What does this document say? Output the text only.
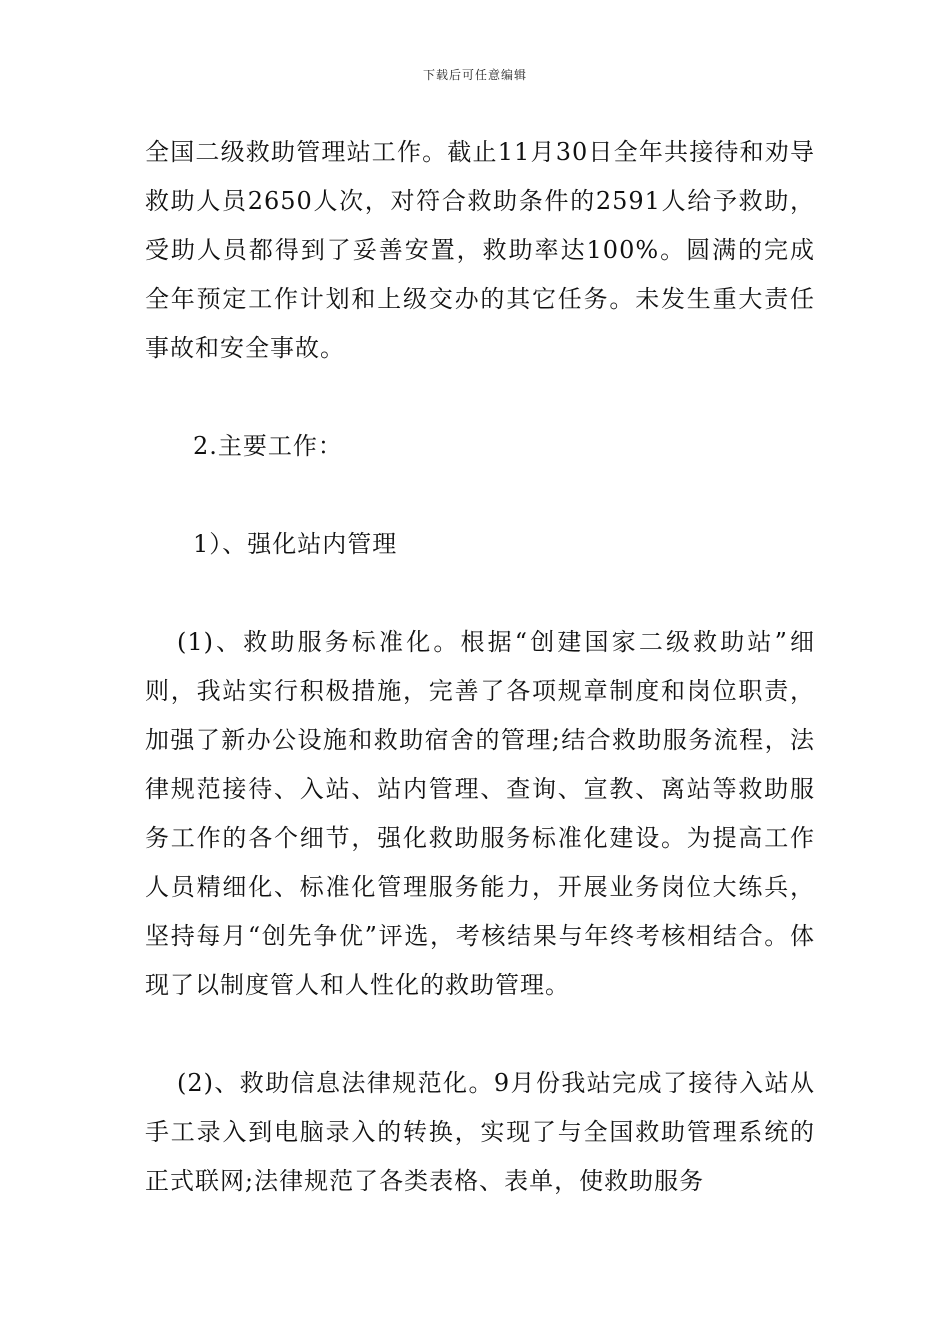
下载后可任意编辑

全国二级救助管理站工作。截止11月30日全年共接待和劝导救助人员2650人次，对符合救助条件的2591人给予救助，受助人员都得到了妥善安置，救助率达100%。圆满的完成全年预定工作计划和上级交办的其它任务。未发生重大责任事故和安全事故。

2.主要工作：

1）、强化站内管理

(1)、救助服务标准化。根据“创建国家二级救助站”细则，我站实行积极措施，完善了各项规章制度和岗位职责，加强了新办公设施和救助宿舍的管理;结合救助服务流程，法律规范接待、入站、站内管理、查询、宣教、离站等救助服务工作的各个细节，强化救助服务标准化建设。为提高工作人员精细化、标准化管理服务能力，开展业务岗位大练兵，坚持每月“创先争优”评选，考核结果与年终考核相结合。体现了以制度管人和人性化的救助管理。

(2)、救助信息法律规范化。9月份我站完成了接待入站从手工录入到电脑录入的转换，实现了与全国救助管理系统的正式联网;法律规范了各类表格、表单，使救助服务
